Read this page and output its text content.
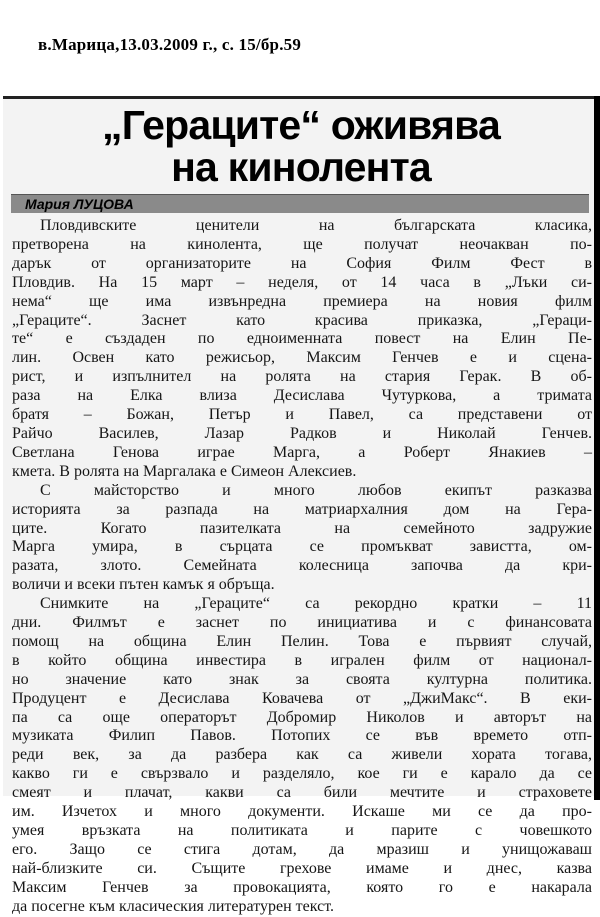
в.Марица,13.03.2009 г., с. 15/бр.59
„Гераците“ оживява
на кинолента
Мария ЛУЦОВА
Пловдивските ценители на българската класика,
претворена на кинолента, ще получат неочакван по-
дарък от организаторите на София Филм Фест в
Пловдив. На 15 март – неделя, от 14 часа в „Лъки си-
нема“ ще има извънредна премиера на новия филм
„Гераците“. Заснет като красива приказка, „Гераци-
те“ е създаден по едноименната повест на Елин Пе-
лин. Освен като режисьор, Максим Генчев е и сцена-
рист, и изпълнител на ролята на стария Герак. В об-
раза на Елка влиза Десислава Чутуркова, а тримата
братя – Божан, Петър и Павел, са представени от
Райчо Василев, Лазар Радков и Николай Генчев.
Светлана Генова играе Марга, а Роберт Янакиев –
кмета. В ролята на Маргалака е Симеон Алексиев.
С майсторство и много любов екипът разказва
историята за разпада на матриархалния дом на Гера-
ците. Когато пазителката на семейното задружие
Марга умира, в сърцата се промъкват завистта, ом-
разата, злото. Семейната колесница започва да кри-
воличи и всеки пътен камък я обръща.
Снимките на „Гераците“ са рекордно кратки – 11
дни. Филмът е заснет по инициатива и с финансовата
помощ на община Елин Пелин. Това е първият случай,
в който община инвестира в игрален филм от национал-
но значение като знак за своята културна политика.
Продуцент е Десислава Ковачева от „ДжиМакс“. В еки-
па са още операторът Добромир Николов и авторът на
музиката Филип Павов. Потопих се във времето отп-
реди век, за да разбера как са живели хората тогава,
какво ги е свързвало и разделяло, кое ги е карало да се
смеят и плачат, какви са били мечтите и страховете
им. Изчетох и много документи. Искаше ми се да про-
умея връзката на политиката и парите с човешкото
его. Защо се стига дотам, да мразиш и унищожаваш
най-близките си. Същите грехове имаме и днес, казва
Максим Генчев за провокацията, която го е накарала
да посегне към класическия литературен текст.
